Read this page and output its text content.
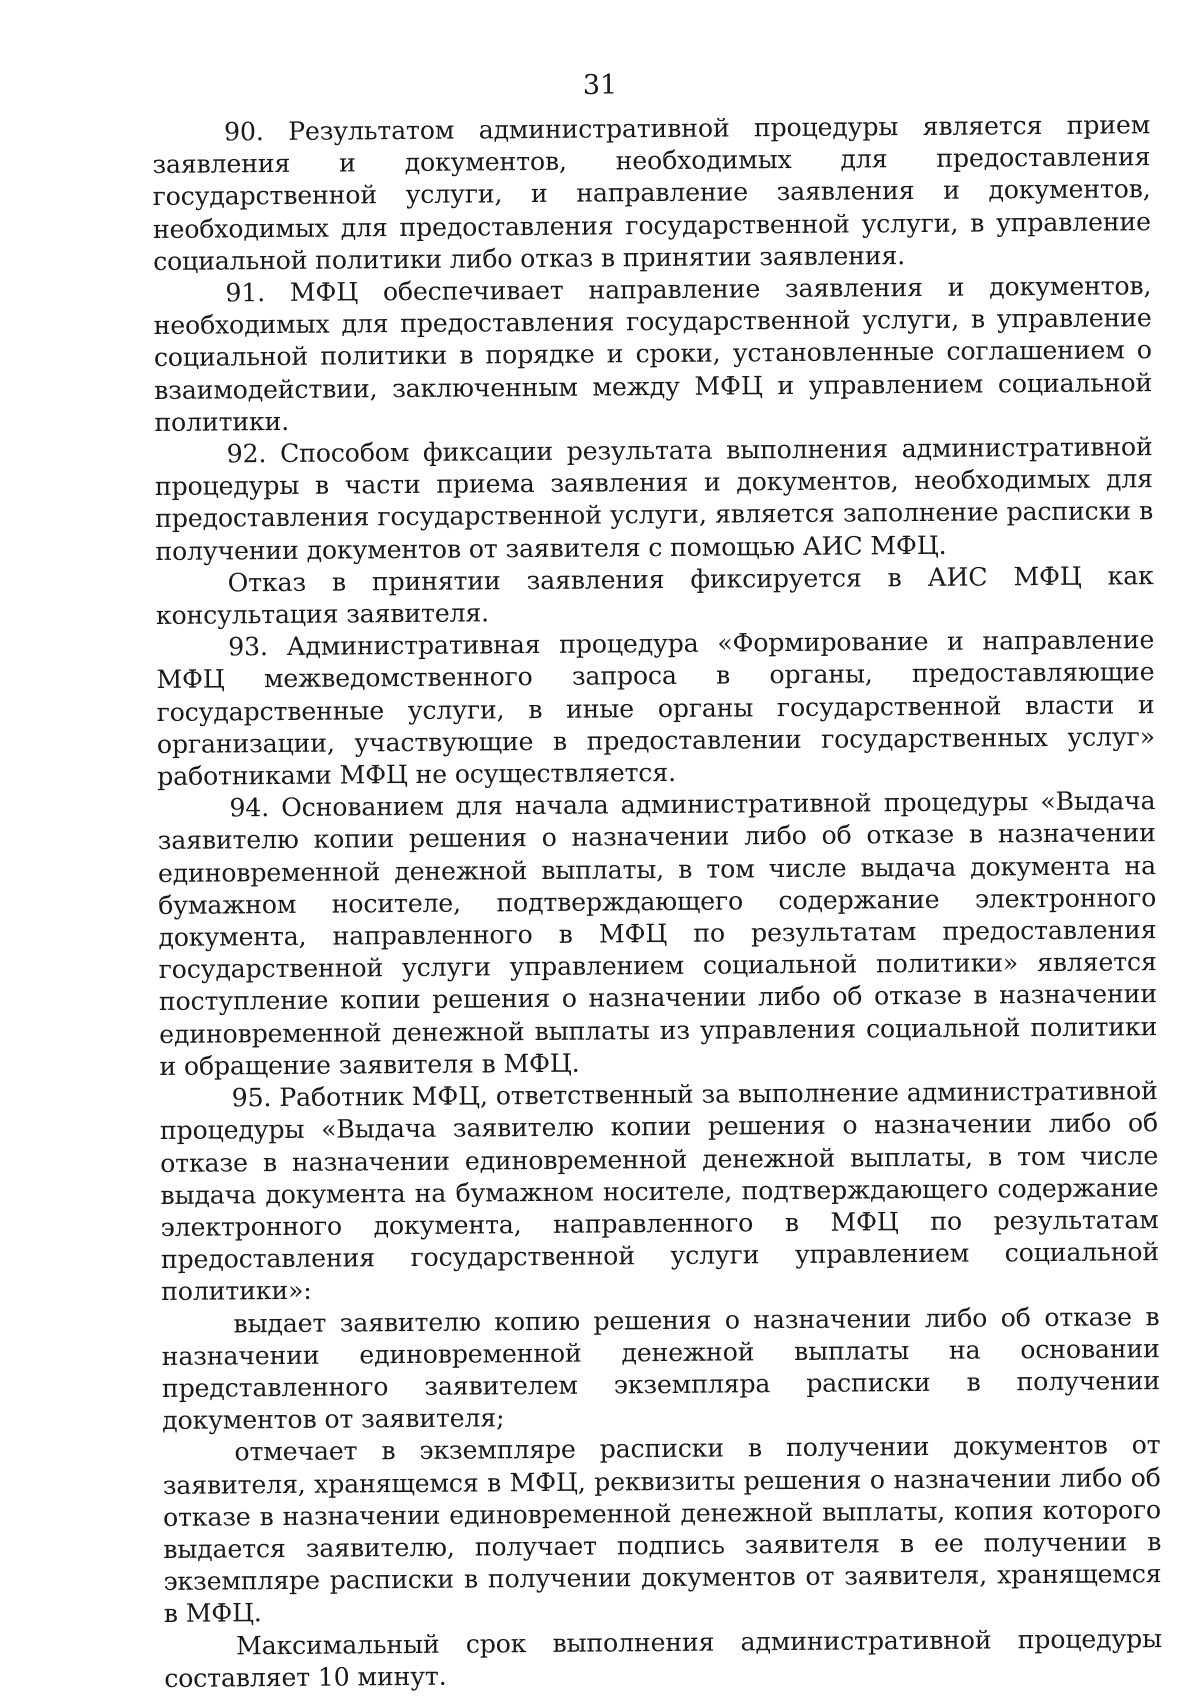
31

90. Результатом административной процедуры является прием заявления и документов, необходимых для предоставления государственной услуги, и направление заявления и документов, необходимых для предоставления государственной услуги, в управление социальной политики либо отказ в принятии заявления.

91. МФЦ обеспечивает направление заявления и документов, необходимых для предоставления государственной услуги, в управление социальной политики в порядке и сроки, установленные соглашением о взаимодействии, заключенным между МФЦ и управлением социальной политики.

92. Способом фиксации результата выполнения административной процедуры в части приема заявления и документов, необходимых для предоставления государственной услуги, является заполнение расписки в получении документов от заявителя с помощью АИС МФЦ.

Отказ в принятии заявления фиксируется в АИС МФЦ как консультация заявителя.

93. Административная процедура «Формирование и направление МФЦ межведомственного запроса в органы, предоставляющие государственные услуги, в иные органы государственной власти и организации, участвующие в предоставлении государственных услуг» работниками МФЦ не осуществляется.

94. Основанием для начала административной процедуры «Выдача заявителю копии решения о назначении либо об отказе в назначении единовременной денежной выплаты, в том числе выдача документа на бумажном носителе, подтверждающего содержание электронного документа, направленного в МФЦ по результатам предоставления государственной услуги управлением социальной политики» является поступление копии решения о назначении либо об отказе в назначении единовременной денежной выплаты из управления социальной политики и обращение заявителя в МФЦ.

95. Работник МФЦ, ответственный за выполнение административной процедуры «Выдача заявителю копии решения о назначении либо об отказе в назначении единовременной денежной выплаты, в том числе выдача документа на бумажном носителе, подтверждающего содержание электронного документа, направленного в МФЦ по результатам предоставления государственной услуги управлением социальной политики»:

выдает заявителю копию решения о назначении либо об отказе в назначении единовременной денежной выплаты на основании представленного заявителем экземпляра расписки в получении документов от заявителя;

отмечает в экземпляре расписки в получении документов от заявителя, хранящемся в МФЦ, реквизиты решения о назначении либо об отказе в назначении единовременной денежной выплаты, копия которого выдается заявителю, получает подпись заявителя в ее получении в экземпляре расписки в получении документов от заявителя, хранящемся в МФЦ.

Максимальный срок выполнения административной процедуры составляет 10 минут.
